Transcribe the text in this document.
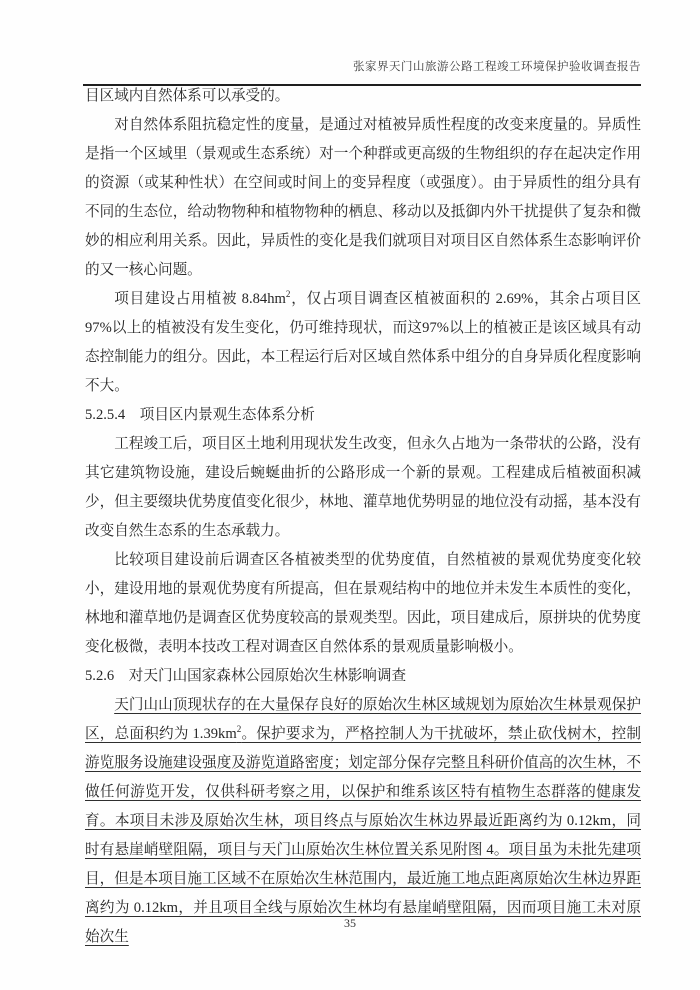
张家界天门山旅游公路工程竣工环境保护验收调查报告

目区域内自然体系可以承受的。

对自然体系阻抗稳定性的度量，是通过对植被异质性程度的改变来度量的。异质性是指一个区域里（景观或生态系统）对一个种群或更高级的生物组织的存在起决定作用的资源（或某种性状）在空间或时间上的变异程度（或强度）。由于异质性的组分具有不同的生态位，给动物物种和植物物种的栖息、移动以及抵御内外干扰提供了复杂和微妙的相应利用关系。因此，异质性的变化是我们就项目对项目区自然体系生态影响评价的又一核心问题。

项目建设占用植被 $8.84hm^2$，仅占项目调查区植被面积的 2.69%，其余占项目区97%以上的植被没有发生变化，仍可维持现状，而这97%以上的植被正是该区域具有动态控制能力的组分。因此，本工程运行后对区域自然体系中组分的自身异质化程度影响不大。

5.2.5.4　项目区内景观生态体系分析

工程竣工后，项目区土地利用现状发生改变，但永久占地为一条带状的公路，没有其它建筑物设施，建设后蜿蜒曲折的公路形成一个新的景观。工程建成后植被面积减少，但主要缀块优势度值变化很少，林地、灌草地优势明显的地位没有动摇，基本没有改变自然生态系的生态承载力。

比较项目建设前后调查区各植被类型的优势度值，自然植被的景观优势度变化较小，建设用地的景观优势度有所提高，但在景观结构中的地位并未发生本质性的变化，林地和灌草地仍是调查区优势度较高的景观类型。因此，项目建成后，原拼块的优势度变化极微，表明本技改工程对调查区自然体系的景观质量影响极小。

5.2.6　对天门山国家森林公园原始次生林影响调查

天门山山顶现状存的在大量保存良好的原始次生林区域规划为原始次生林景观保护区，总面积约为 $1.39km^2$。保护要求为，严格控制人为干扰破坏，禁止砍伐树木，控制游览服务设施建设强度及游览道路密度；划定部分保存完整且科研价值高的次生林，不做任何游览开发，仅供科研考察之用，以保护和维系该区特有植物生态群落的健康发育。本项目未涉及原始次生林，项目终点与原始次生林边界最近距离约为 0.12km，同时有悬崖峭壁阻隔，项目与天门山原始次生林位置关系见附图 4。项目虽为未批先建项目，但是本项目施工区域不在原始次生林范围内，最近施工地点距离原始次生林边界距离约为 0.12km，并且项目全线与原始次生林均有悬崖峭壁阻隔，因而项目施工未对原始次生

35
